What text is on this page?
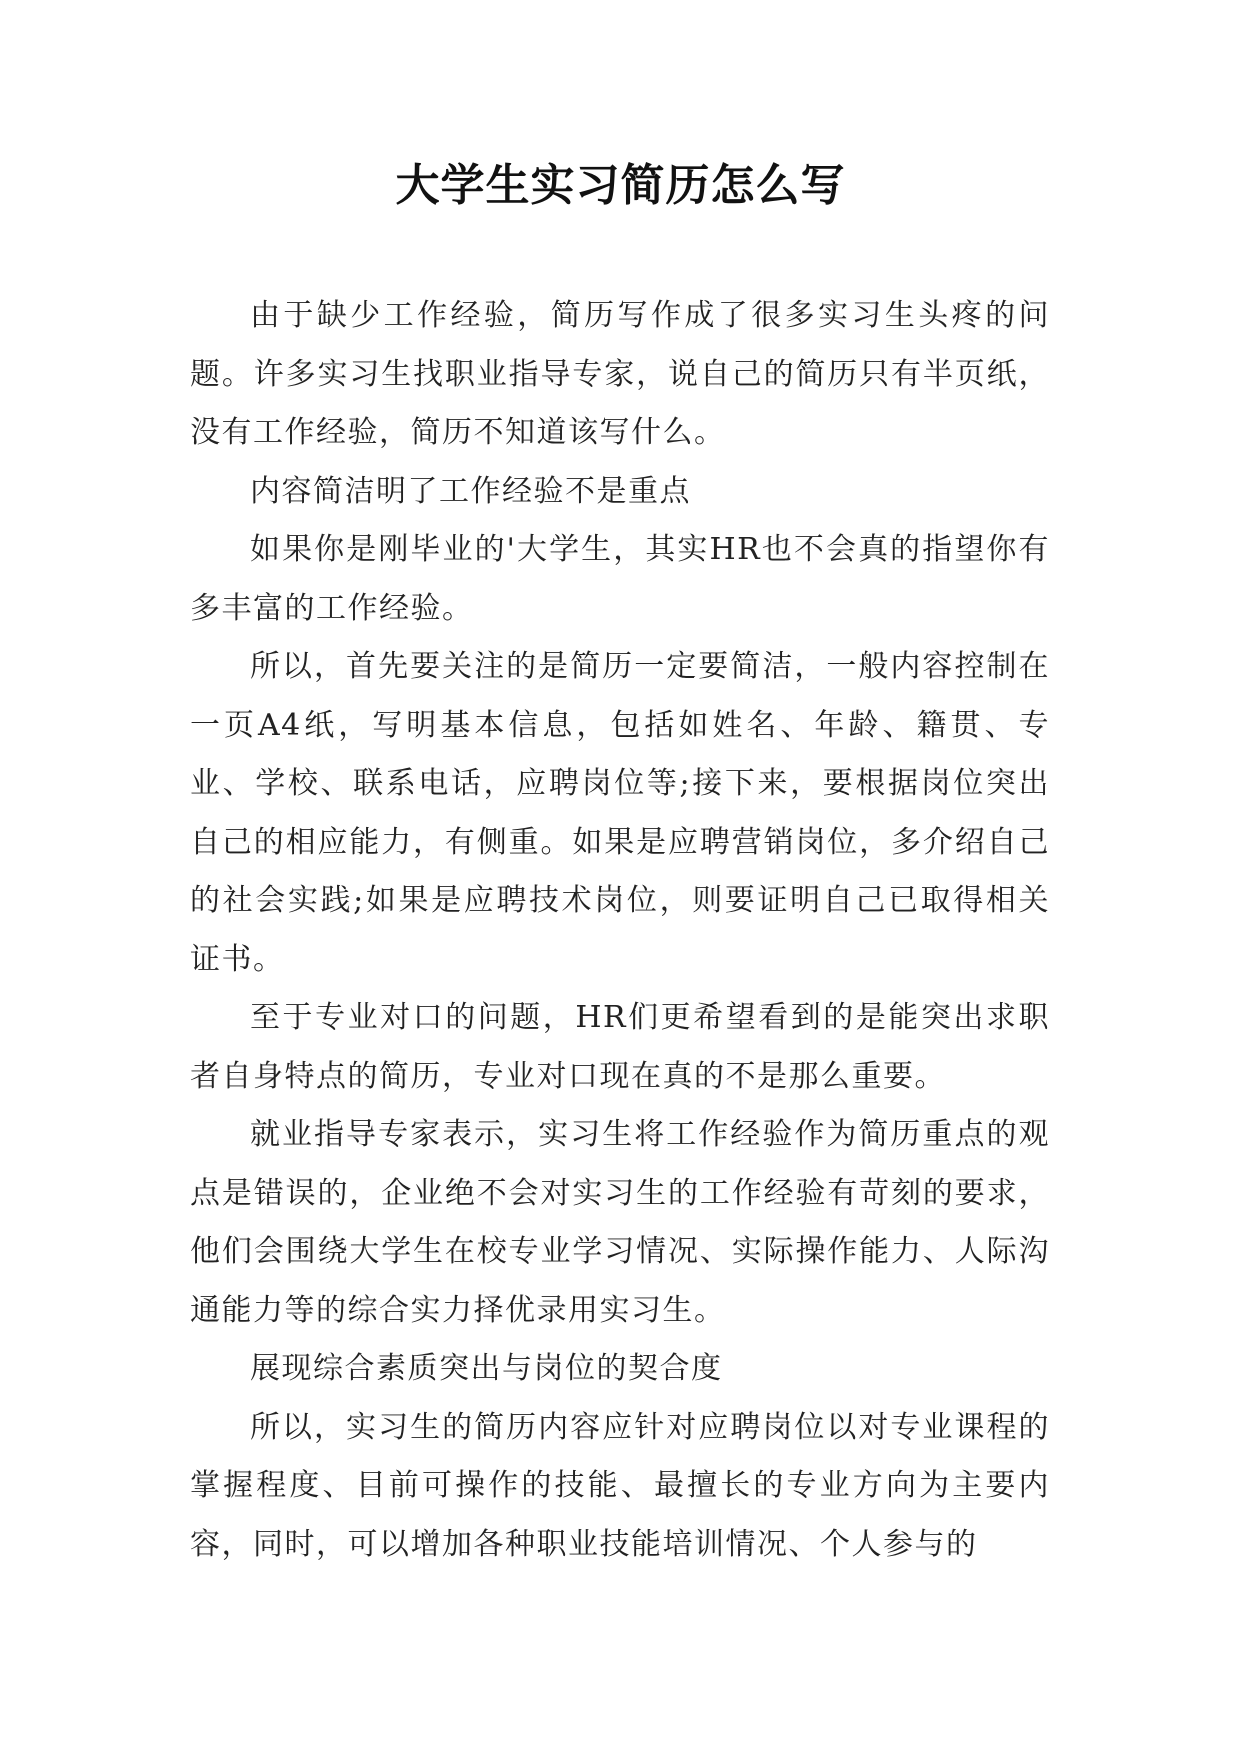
大学生实习简历怎么写

由于缺少工作经验，简历写作成了很多实习生头疼的问题。许多实习生找职业指导专家，说自己的简历只有半页纸，没有工作经验，简历不知道该写什么。

内容简洁明了工作经验不是重点

如果你是刚毕业的'大学生，其实HR也不会真的指望你有多丰富的工作经验。

所以，首先要关注的是简历一定要简洁，一般内容控制在一页A4纸，写明基本信息，包括如姓名、年龄、籍贯、专业、学校、联系电话，应聘岗位等;接下来，要根据岗位突出自己的相应能力，有侧重。如果是应聘营销岗位，多介绍自己的社会实践;如果是应聘技术岗位，则要证明自己已取得相关证书。

至于专业对口的问题，HR们更希望看到的是能突出求职者自身特点的简历，专业对口现在真的不是那么重要。

就业指导专家表示，实习生将工作经验作为简历重点的观点是错误的，企业绝不会对实习生的工作经验有苛刻的要求，他们会围绕大学生在校专业学习情况、实际操作能力、人际沟通能力等的综合实力择优录用实习生。

展现综合素质突出与岗位的契合度

所以，实习生的简历内容应针对应聘岗位以对专业课程的掌握程度、目前可操作的技能、最擅长的专业方向为主要内容，同时，可以增加各种职业技能培训情况、个人参与的
